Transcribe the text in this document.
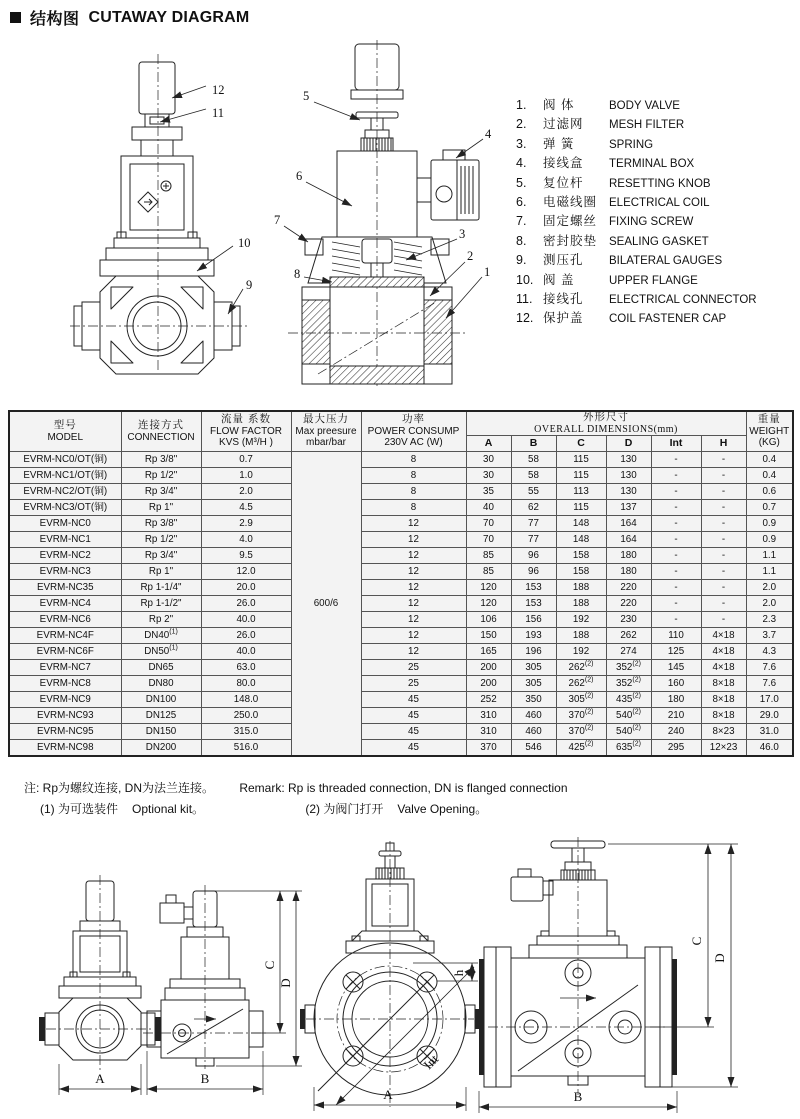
结构图 CUTAWAY DIAGRAM
12
11
10
9
5
4
6
7
3
2
8	1
1.	阀 体	BODY VALVE
2.	过滤网	MESH FILTER
3.	弹 簧	SPRING
4.	接线盒	TERMINAL BOX
5.	复位杆	RESETTING KNOB
6.	电磁线圈	ELECTRICAL COIL
7.	固定螺丝	FIXING SCREW
8.	密封胶垫	SEALING GASKET
9.	测压孔	BILATERAL GAUGES
10. 阀 盖	UPPER FLANGE
11. 接线孔	ELECTRICAL CONNECTOR
12. 保护盖	COIL FASTENER CAP
型号
MODEL

连接方式
CONNECTION

流量 系数
FLOW FACTOR
KVS (M³/H )

最大压力
Max preesure
mbar/bar

功率
POWER CONSUMP
230V AC (W)

外形尺寸
OVERALL DIMENSIONS(mm)

重量
WEIGHT
(KG)

					A	B	C	D	Int	H	
EVRM-NC0/OT(铜)	Rp 3/8"	0.7	600/6	8	30	58	115	130	-	-	0.4
EVRM-NC1/OT(铜)	Rp 1/2"	1.0		8	30	58	115	130	-	-	0.4
EVRM-NC2/OT(铜)	Rp 3/4"	2.0		8	35	55	113	130	-	-	0.6
EVRM-NC3/OT(铜)	Rp 1"	4.5		8	40	62	115	137	-	-	0.7
EVRM-NC0	Rp 3/8"	2.9		12	70	77	148	164	-	-	0.9
EVRM-NC1	Rp 1/2"	4.0		12	70	77	148	164	-	-	0.9
EVRM-NC2	Rp 3/4"	9.5		12	85	96	158	180	-	-	1.1
EVRM-NC3	Rp 1"	12.0		12	85	96	158	180	-	-	1.1
EVRM-NC35	Rp 1-1/4"	20.0		12	120	153	188	220	-	-	2.0
EVRM-NC4	Rp 1-1/2"	26.0		12	120	153	188	220	-	-	2.0
EVRM-NC6	Rp 2"	40.0		12	106	156	192	230	-	-	2.3
EVRM-NC4F	DN40$^{(1)}$	26.0		12	150	193	188	262	110	4×18	3.7
EVRM-NC6F	DN50$^{(1)}$	40.0		12	165	196	192	274	125	4×18	4.3
EVRM-NC7	DN65	63.0		25	200	305	262$^{(2)}$	352$^{(2)}$	145	4×18	7.6
EVRM-NC8	DN80	80.0		25	200	305	262$^{(2)}$	352$^{(2)}$	160	8×18	7.6
EVRM-NC9	DN100	148.0		45	252	350	305$^{(2)}$	435$^{(2)}$	180	8×18	17.0
EVRM-NC93	DN125	250.0		45	310	460	370$^{(2)}$	540$^{(2)}$	210	8×18	29.0
EVRM-NC95	DN150	315.0		45	310	460	370$^{(2)}$	540$^{(2)}$	240	8×23	31.0
EVRM-NC98	DN200	516.0		45	370	546	425$^{(2)}$	635$^{(2)}$	295	12×23	46.0
注: Rp为螺纹连接, DN为法兰连接。 Remark: Rp is threaded connection, DN is flanged connection
(1) 为可选装件 Optional kit。	(2) 为阀门打开 Valve Opening。
A	B
C
D
h
Int
A
C
D
B
